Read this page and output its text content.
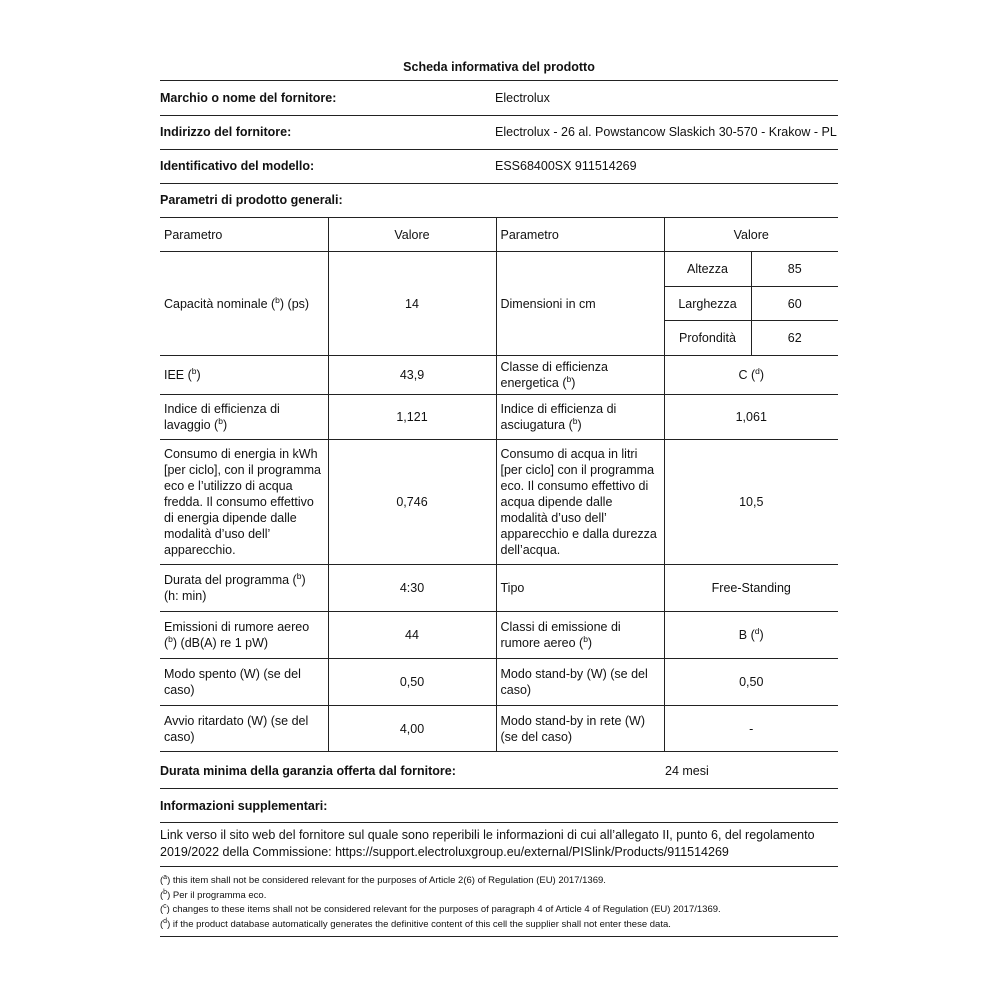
Scheda informativa del prodotto
Marchio o nome del fornitore:	Electrolux
Indirizzo del fornitore:	Electrolux - 26 al. Powstancow Slaskich 30-570 - Krakow - PL
Identificativo del modello:	ESS68400SX 911514269
Parametri di prodotto generali:
Parametro	Valore	Parametro	Valore	
Capacità nominale ($^b$) (ps)	14	Dimensioni in cm	Altezza	85
			Larghezza	60
			Profondità	62
IEE ($^b$)	43,9	Classe di efficienza energetica ($^b$)	C ($^d$)	
Indice di efficienza di lavaggio ($^b$)	1,121	Indice di efficienza di asciugatura ($^b$)	1,061	
Consumo di energia in kWh [per ciclo], con il programma eco e l’utilizzo di acqua fredda. Il consumo effettivo di energia dipende dalle modalità d’uso dell’ apparecchio.	0,746	Consumo di acqua in litri [per ciclo] con il programma eco. Il consumo effettivo di acqua dipende dalle modalità d’uso dell’ apparecchio e dalla durezza dell’acqua.	10,5	
Durata del programma ($^b$) (h: min)	4:30	Tipo	Free-Standing	
Emissioni di rumore aereo ($^b$) (dB(A) re 1 pW)	44	Classi di emissione di rumore aereo ($^b$)	B ($^d$)	
Modo spento (W) (se del caso)	0,50	Modo stand-by (W) (se del caso)	0,50	
Avvio ritardato (W) (se del caso)	4,00	Modo stand-by in rete (W) (se del caso)	-	
Durata minima della garanzia offerta dal fornitore:	24 mesi
Informazioni supplementari:
Link verso il sito web del fornitore sul quale sono reperibili le informazioni di cui all’allegato II, punto 6, del regolamento 2019/2022 della Commissione: https://support.electroluxgroup.eu/external/PISlink/Products/911514269
($^a$) this item shall not be considered relevant for the purposes of Article 2(6) of Regulation (EU) 2017/1369.
($^b$) Per il programma eco.
($^c$) changes to these items shall not be considered relevant for the purposes of paragraph 4 of Article 4 of Regulation (EU) 2017/1369.
($^d$) if the product database automatically generates the definitive content of this cell the supplier shall not enter these data.
